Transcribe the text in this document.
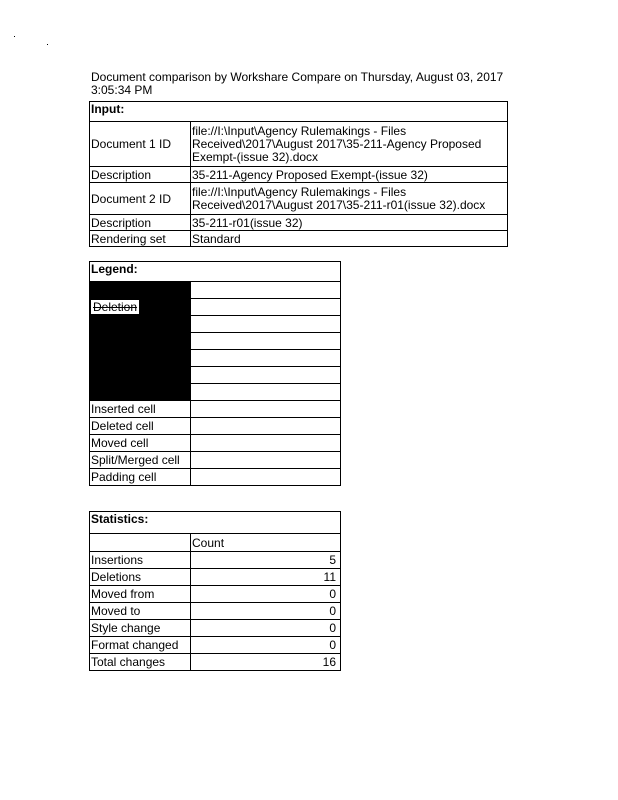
Document comparison by Workshare Compare on Thursday, August 03, 2017
3:05:34 PM
Input:	
Document 1 ID	file://I:\Input\Agency Rulemakings - Files Received\2017\August 2017\35-211-Agency Proposed Exempt-(issue 32).docx
Description	35-211-Agency Proposed Exempt-(issue 32)
Document 2 ID	file://I:\Input\Agency Rulemakings - Files Received\2017\August 2017\35-211-r01(issue 32).docx
Description	35-211-r01(issue 32)
Rendering set	Standard
Legend:	

Deletion	

Inserted cell	
Deleted cell	
Moved cell	
Split/Merged cell	
Padding cell	
Statistics:	
	Count
Insertions	5
Deletions	11
Moved from	0
Moved to	0
Style change	0
Format changed	0
Total changes	16
